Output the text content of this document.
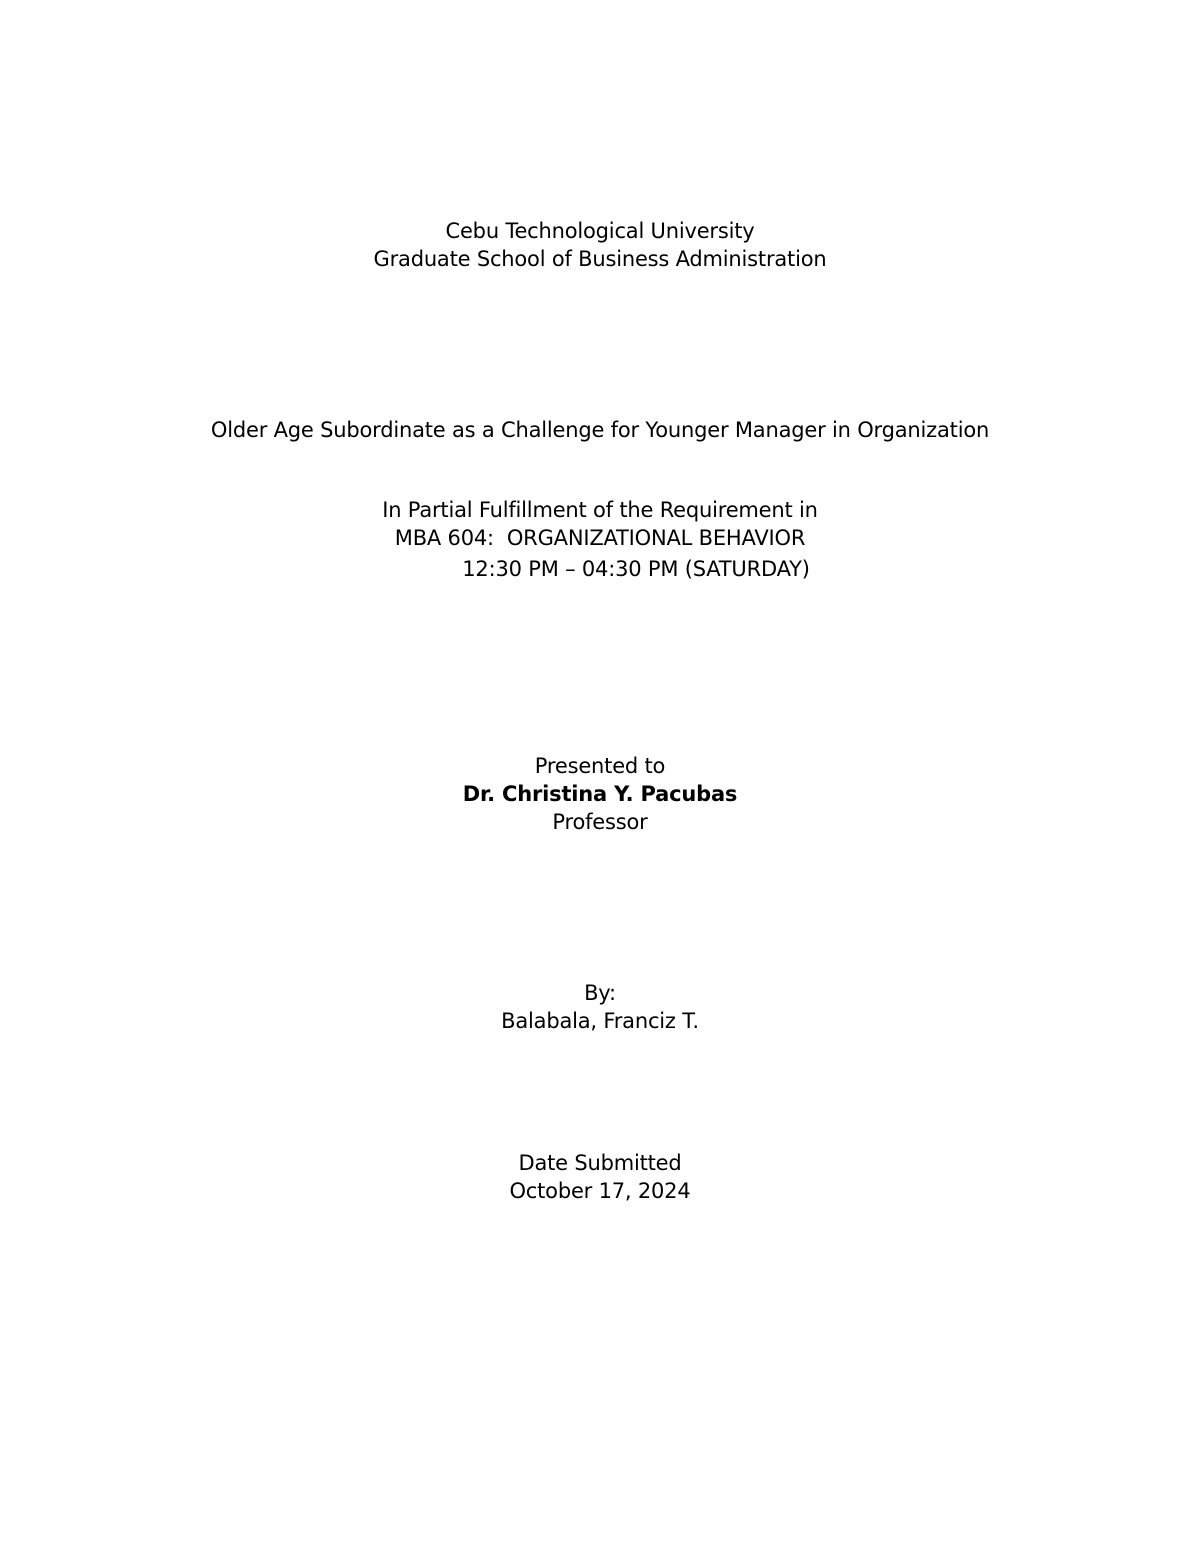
Cebu Technological University
Graduate School of Business Administration
Older Age Subordinate as a Challenge for Younger Manager in Organization
In Partial Fulfillment of the Requirement in
MBA 604:  ORGANIZATIONAL BEHAVIOR
12:30 PM – 04:30 PM (SATURDAY)
Presented to
Dr. Christina Y. Pacubas
Professor
By:
Balabala, Franciz T.
Date Submitted
October 17, 2024
